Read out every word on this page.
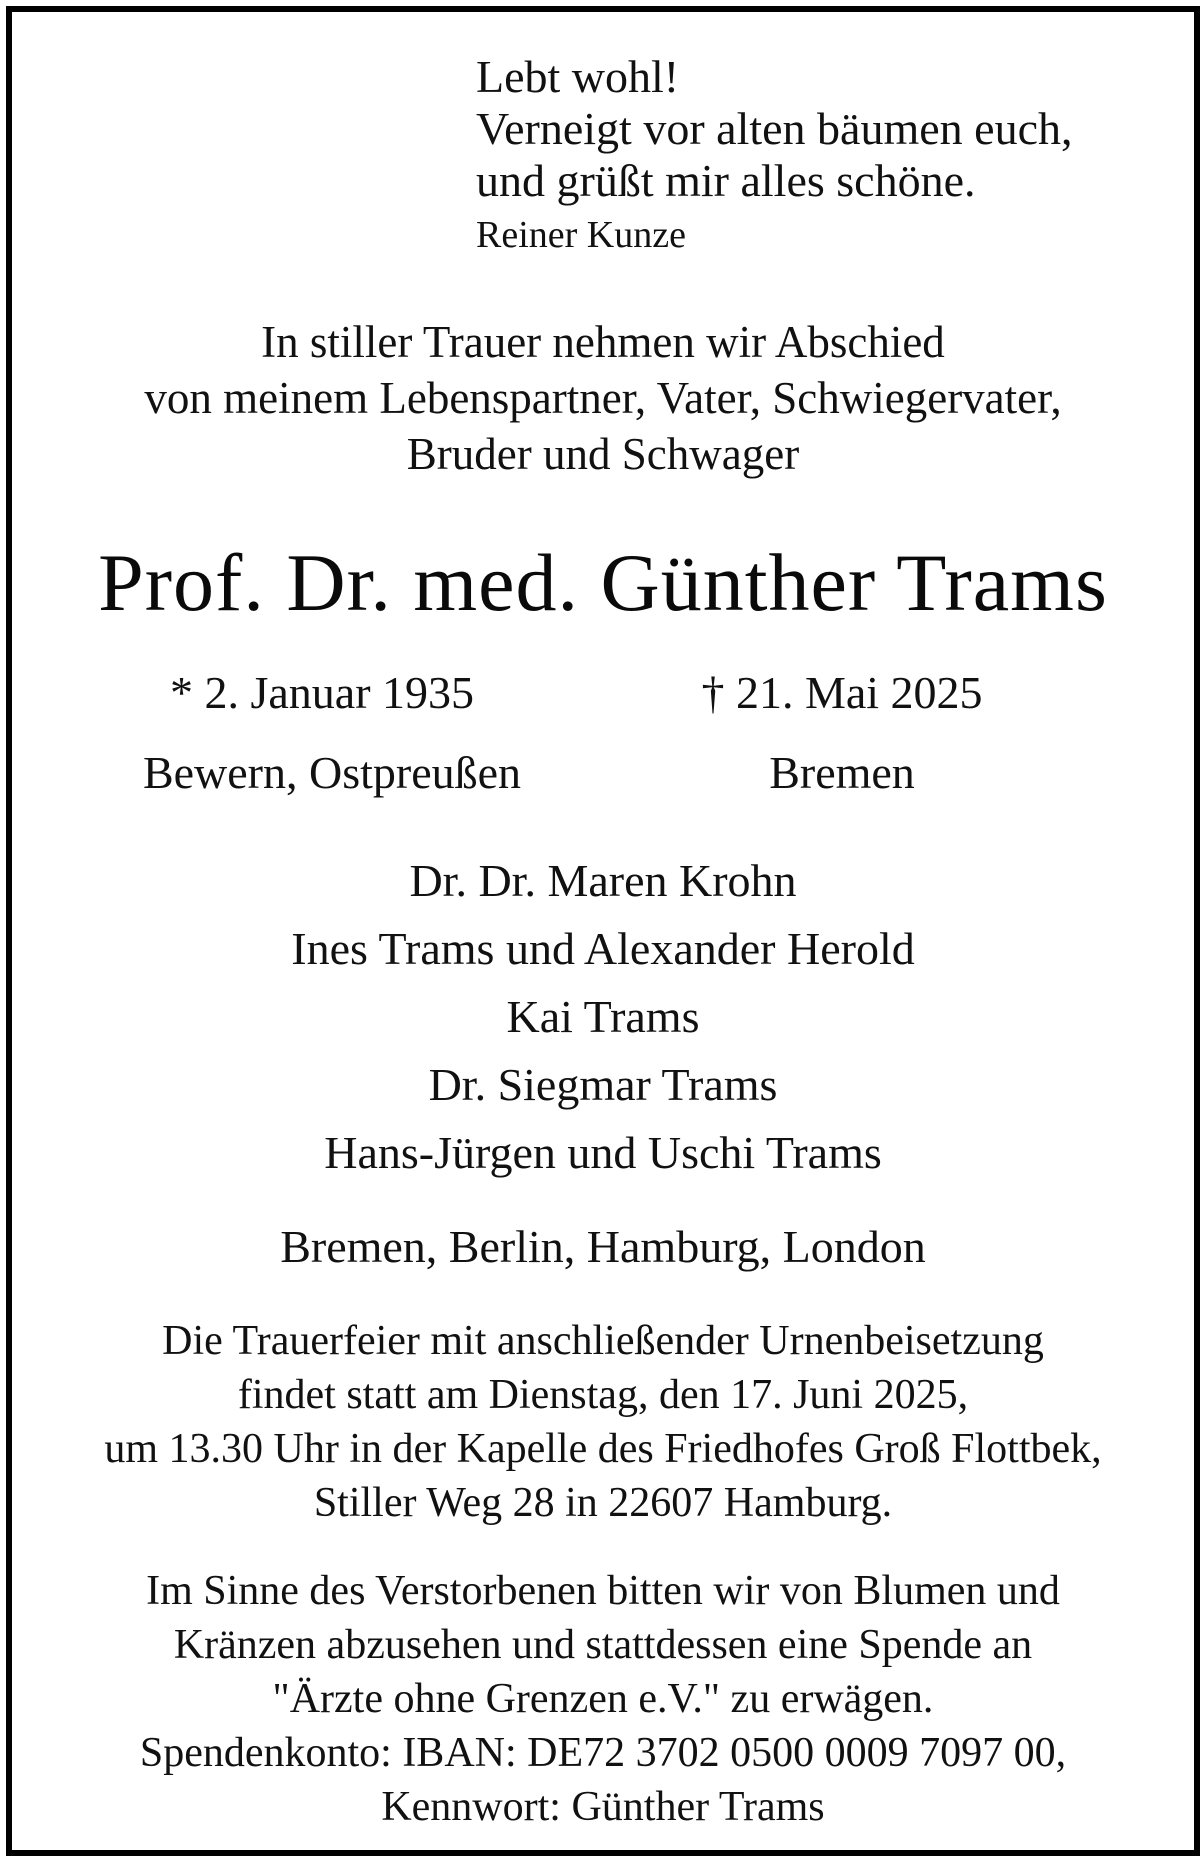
Lebt wohl!
Verneigt vor alten bäumen euch,
und grüßt mir alles schöne.
Reiner Kunze
In stiller Trauer nehmen wir Abschied
von meinem Lebenspartner, Vater, Schwiegervater,
Bruder und Schwager
Prof. Dr. med. Günther Trams
* 2. Januar 1935	† 21. Mai 2025
Bewern, Ostpreußen	Bremen
Dr. Dr. Maren Krohn
Ines Trams und Alexander Herold
Kai Trams
Dr. Siegmar Trams
Hans-Jürgen und Uschi Trams
Bremen, Berlin, Hamburg, London
Die Trauerfeier mit anschließender Urnenbeisetzung
findet statt am Dienstag, den 17. Juni 2025,
um 13.30 Uhr in der Kapelle des Friedhofes Groß Flottbek,
Stiller Weg 28 in 22607 Hamburg.
Im Sinne des Verstorbenen bitten wir von Blumen und
Kränzen abzusehen und stattdessen eine Spende an
"Ärzte ohne Grenzen e.V." zu erwägen.
Spendenkonto: IBAN: DE72 3702 0500 0009 7097 00,
Kennwort: Günther Trams
